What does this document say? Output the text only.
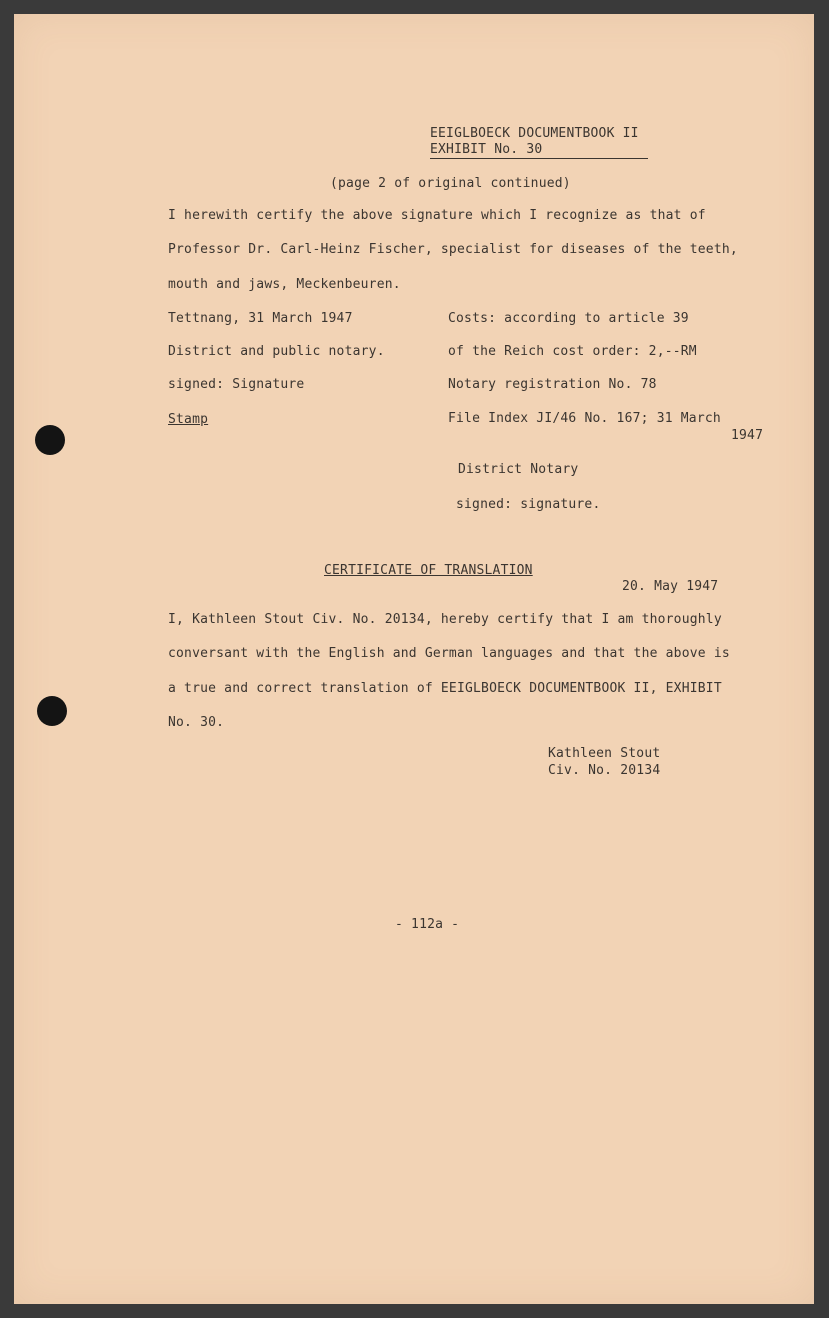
EEIGLBOECK DOCUMENTBOOK II
EXHIBIT No. 30
(page 2 of original continued)
I herewith certify the above signature which I recognize as that of
Professor Dr. Carl-Heinz Fischer, specialist for diseases of the teeth,
mouth and jaws, Meckenbeuren.
Tettnang, 31 March 1947
District and public notary.
signed: Signature
Stamp
Costs: according to article 39
of the Reich cost order: 2,--RM
Notary registration No. 78
File Index JI/46 No. 167; 31 March
1947
District Notary
signed: signature.
CERTIFICATE OF TRANSLATION
20. May 1947
I, Kathleen Stout Civ. No. 20134, hereby certify that I am thoroughly
conversant with the English and German languages and that the above is
a true and correct translation of EEIGLBOECK DOCUMENTBOOK II, EXHIBIT
No. 30.
Kathleen Stout
Civ. No. 20134
- 112a -
